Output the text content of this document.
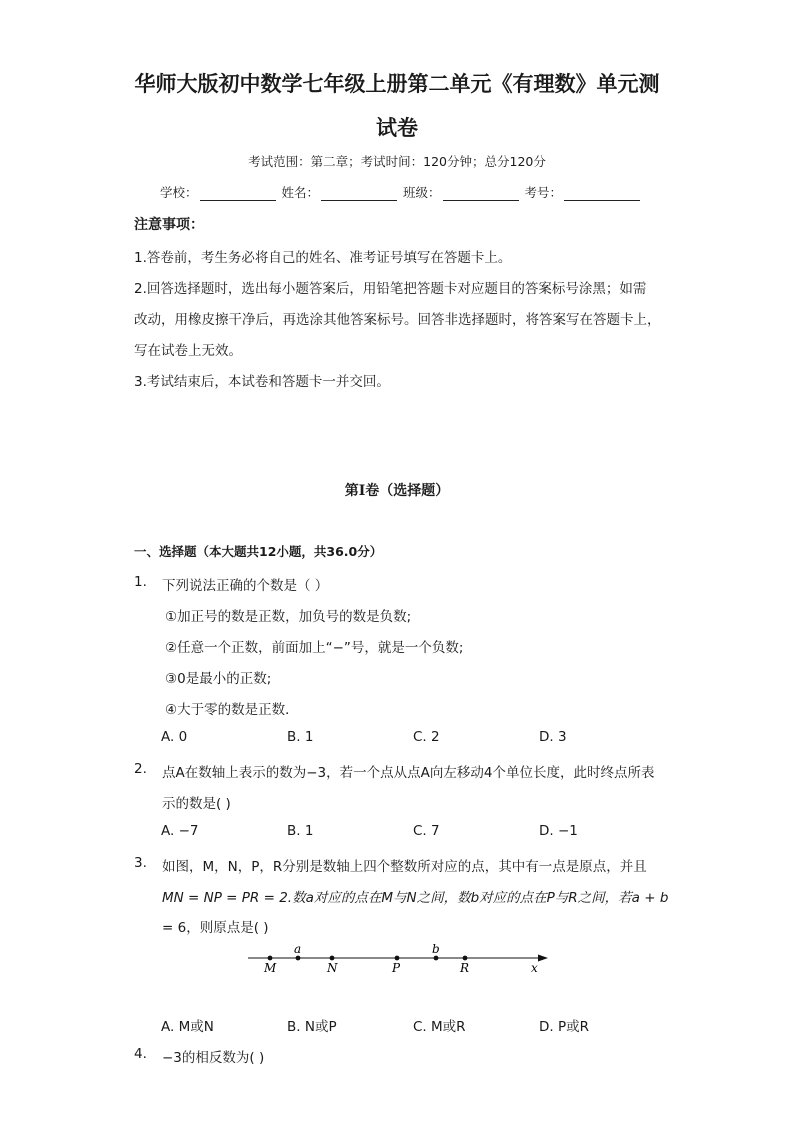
华师大版初中数学七年级上册第二单元《有理数》单元测
试卷
考试范围：第二章；考试时间：120分钟；总分120分
学校：	姓名：	班级：	考号：
注意事项：
1.答卷前，考生务必将自己的姓名、准考证号填写在答题卡上。
2.回答选择题时，选出每小题答案后，用铅笔把答题卡对应题目的答案标号涂黑；如需
改动，用橡皮擦干净后，再选涂其他答案标号。回答非选择题时，将答案写在答题卡上，
写在试卷上无效。
3.考试结束后，本试卷和答题卡一并交回。
第I卷（选择题）
一、选择题（本大题共12小题，共36.0分）
1. 下列说法正确的个数是（ ）
①加正号的数是正数，加负号的数是负数;
②任意一个正数，前面加上“−”号，就是一个负数;
③0是最小的正数;
④大于零的数是正数．
A. 0	B. 1	C. 2	D. 3
2. 点A在数轴上表示的数为−3，若一个点从点A向左移动4个单位长度，此时终点所表
示的数是( )
A. −7	B. 1	C. 7	D. −1
3. 如图，M，N，P，R分别是数轴上四个整数所对应的点，其中有一点是原点，并且
MN = NP = PR = 2.数a对应的点在M与N之间，数b对应的点在P与R之间，若a + b
= 6，则原点是( )
M
a
N	P
b
R	x
A. M或N	B. N或P	C. M或R	D. P或R
4. −3的相反数为( )
